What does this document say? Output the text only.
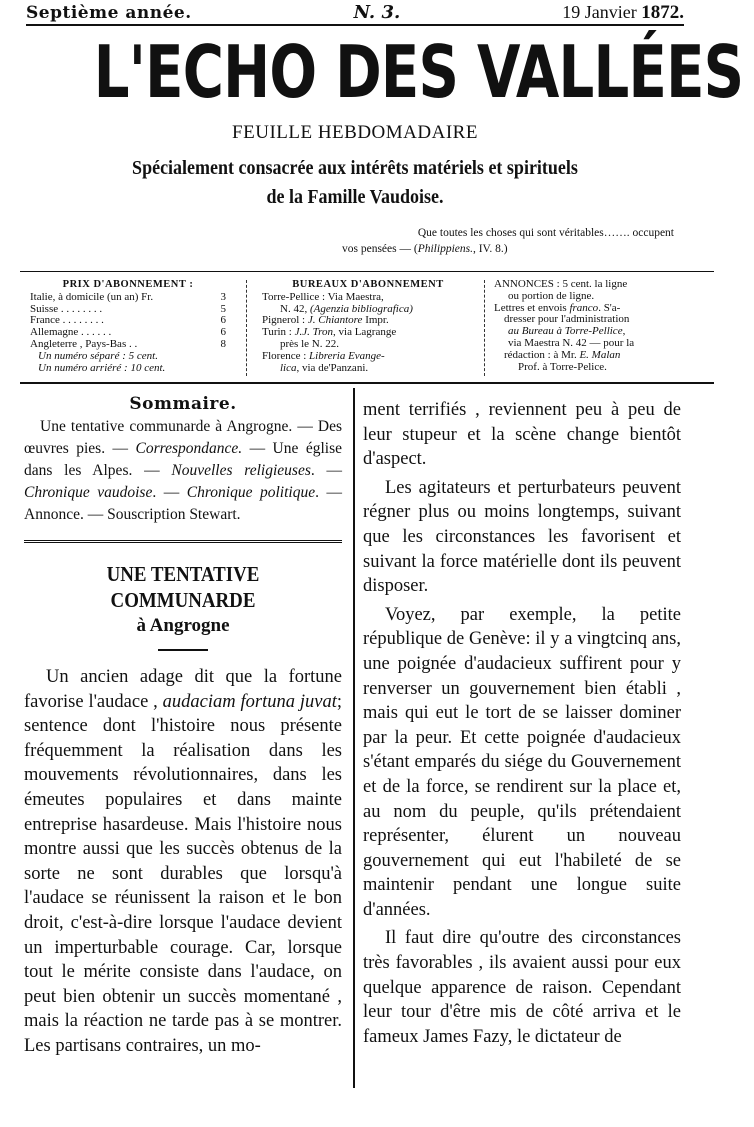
Septième année.	N. 3.	19 Janvier 1872.
L'ECHO DES VALLÉES
FEUILLE HEBDOMADAIRE
Spécialement consacrée aux intérêts matériels et spirituels
de la Famille Vaudoise.
Que toutes les choses qui sont véritables……. occupent
vos pensées — (Philippiens., IV. 8.)
PRIX D'ABONNEMENT :
Italie, à domicile (un an) Fr.	3
Suisse . . . . . . . .	5
France . . . . . . . .	6
Allemagne . . . . . .	6
Angleterre , Pays-Bas . .	8
Un numéro séparé : 5 cent.
Un numéro arriéré : 10 cent.
BUREAUX D'ABONNEMENT
Torre-Pellice : Via Maestra,
N. 42, (Agenzia bibliografica)
Pignerol : J. Chiantore Impr.
Turin : J.J. Tron, via Lagrange
près le N. 22.
Florence : Libreria Evange-
lica, via de'Panzani.
ANNONCES : 5 cent. la ligne
ou portion de ligne.
Lettres et envois franco. S'a-
dresser pour l'administration
au Bureau à Torre-Pellice,
via Maestra N. 42 — pour la
rédaction : à Mr. E. Malan
Prof. à Torre-Pelice.
Sommaire.
Une tentative communarde à Angrogne. — Des œuvres pies. — Correspondance. — Une église dans les Alpes. — Nouvelles religieuses. — Chronique vaudoise. — Chronique politique. — Annonce. — Souscription Stewart.
UNE TENTATIVE COMMUNARDE
à Angrogne

Un ancien adage dit que la fortune favorise l'audace , audaciam fortuna juvat; sentence dont l'histoire nous présente fréquemment la réalisation dans les mouvements révolutionnaires, dans les émeutes populaires et dans mainte entreprise hasardeuse. Mais l'histoire nous montre aussi que les succès obtenus de la sorte ne sont durables que lorsqu'à l'audace se réunissent la raison et le bon droit, c'est-à-dire lorsque l'audace devient un imperturbable courage. Car, lorsque tout le mérite consiste dans l'audace, on peut bien obtenir un succès momentané , mais la réaction ne tarde pas à se montrer. Les partisans contraires, un mo-

ment terrifiés , reviennent peu à peu de leur stupeur et la scène change bientôt d'aspect.

Les agitateurs et perturbateurs peuvent régner plus ou moins longtemps, suivant que les circonstances les favorisent et suivant la force matérielle dont ils peuvent disposer.

Voyez, par exemple, la petite république de Genève: il y a vingtcinq ans, une poignée d'audacieux suffirent pour y renverser un gouvernement bien établi , mais qui eut le tort de se laisser dominer par la peur. Et cette poignée d'audacieux s'étant emparés du siége du Gouvernement et de la force, se rendirent sur la place et, au nom du peuple, qu'ils prétendaient représenter, élurent un nouveau gouvernement qui eut l'habileté de se maintenir pendant une longue suite d'années.

Il faut dire qu'outre des circonstances très favorables , ils avaient aussi pour eux quelque apparence de raison. Cependant leur tour d'être mis de côté arriva et le fameux James Fazy, le dictateur de
